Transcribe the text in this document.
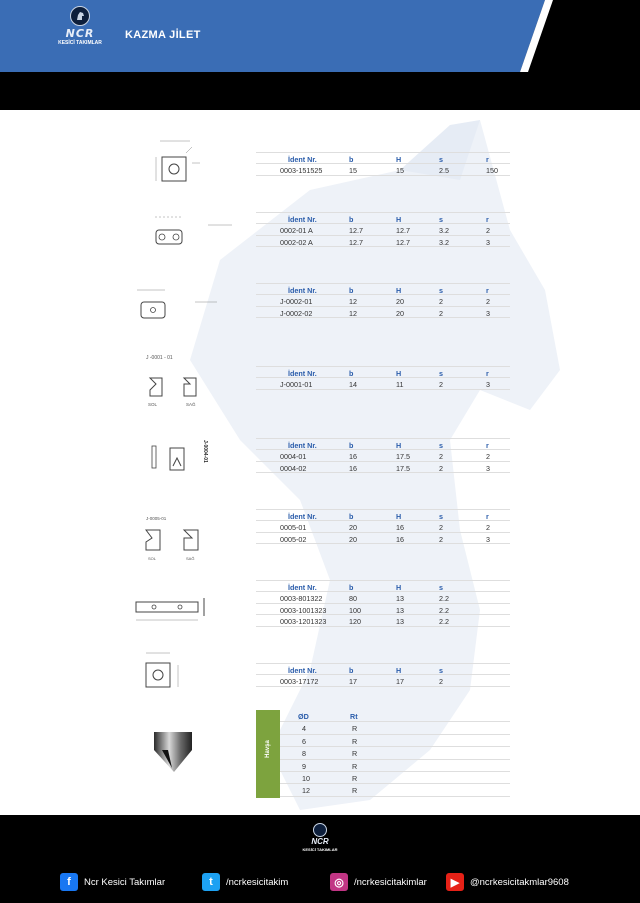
NCR
KESİCİ TAKIMLAR
KAZMA JİLET
J -0001 - 01
SOL	SAĞ
J-0004-01
J-0005-01
SOL	SAĞ
İdent Nr.	b	H	s	r
0003-151525	15	15	2.5	150
İdent Nr.	b	H	s	r
0002-01 A	12.7	12.7	3.2	2
0002-02 A	12.7	12.7	3.2	3
İdent Nr.	b	H	s	r
J-0002-01	12	20	2	2
J-0002-02	12	20	2	3
İdent Nr.	b	H	s	r
J-0001-01	14	11	2	3
İdent Nr.	b	H	s	r
0004-01	16	17.5	2	2
0004-02	16	17.5	2	3
İdent Nr.	b	H	s	r
0005-01	20	16	2	2
0005-02	20	16	2	3
İdent Nr.	b	H	s
0003-801322	80	13	2.2
0003-1001323	100	13	2.2
0003-1201323	120	13	2.2
İdent Nr.	b	H	s
0003-17172	17	17	2
Havşa
ØD	Rt
4	R
6	R
8	R
9	R
10	R
12	R
NCR
KESİCİ TAKIMLAR
f	Ncr Kesici Takımlar	t	/ncrkesicitakim	◎	/ncrkesicitakimlar	▶	@ncrkesicitakmlar9608
